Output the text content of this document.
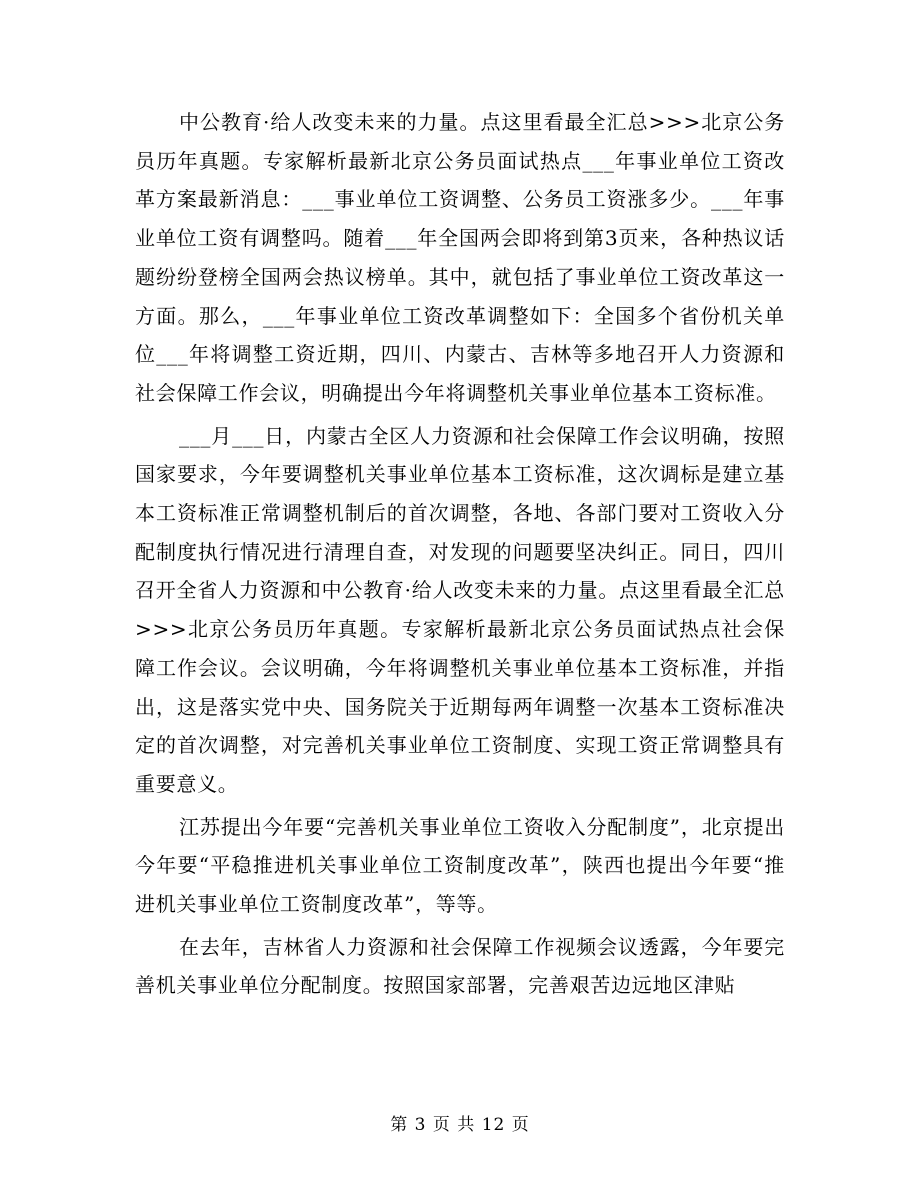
中公教育·给人改变未来的力量。点这里看最全汇总>>>北京公务员历年真题。专家解析最新北京公务员面试热点___年事业单位工资改革方案最新消息：___事业单位工资调整、公务员工资涨多少。___年事业单位工资有调整吗。随着___年全国两会即将到第3页来，各种热议话题纷纷登榜全国两会热议榜单。其中，就包括了事业单位工资改革这一方面。那么，___年事业单位工资改革调整如下：全国多个省份机关单位___年将调整工资近期，四川、内蒙古、吉林等多地召开人力资源和社会保障工作会议，明确提出今年将调整机关事业单位基本工资标准。

___月___日，内蒙古全区人力资源和社会保障工作会议明确，按照国家要求，今年要调整机关事业单位基本工资标准，这次调标是建立基本工资标准正常调整机制后的首次调整，各地、各部门要对工资收入分配制度执行情况进行清理自查，对发现的问题要坚决纠正。同日，四川召开全省人力资源和中公教育·给人改变未来的力量。点这里看最全汇总>>>北京公务员历年真题。专家解析最新北京公务员面试热点社会保障工作会议。会议明确，今年将调整机关事业单位基本工资标准，并指出，这是落实党中央、国务院关于近期每两年调整一次基本工资标准决定的首次调整，对完善机关事业单位工资制度、实现工资正常调整具有重要意义。

江苏提出今年要“完善机关事业单位工资收入分配制度”，北京提出今年要“平稳推进机关事业单位工资制度改革”，陕西也提出今年要“推进机关事业单位工资制度改革”，等等。

在去年，吉林省人力资源和社会保障工作视频会议透露，今年要完善机关事业单位分配制度。按照国家部署，完善艰苦边远地区津贴

第 3 页 共 12 页
